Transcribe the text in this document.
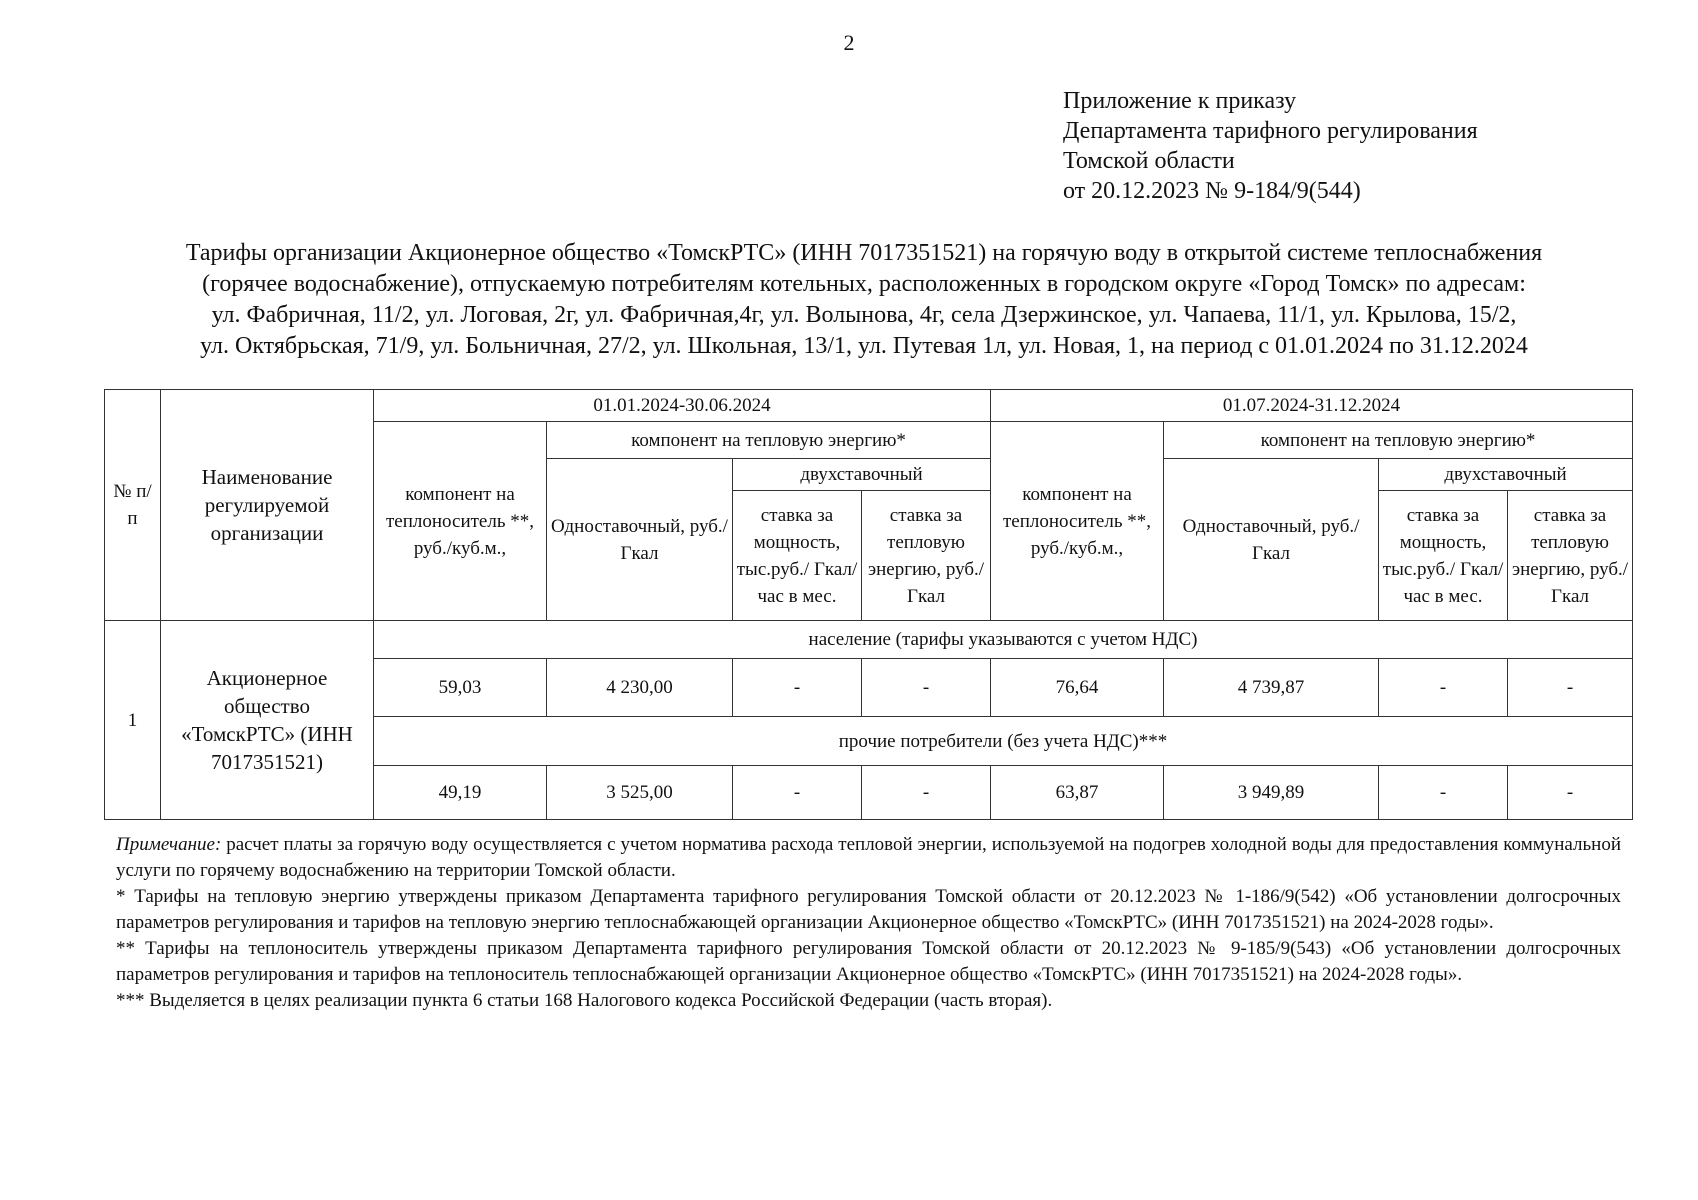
2
Приложение к приказу
Департамента тарифного регулирования
Томской области
от 20.12.2023 № 9-184/9(544)
Тарифы организации Акционерное общество «ТомскРТС» (ИНН 7017351521) на горячую воду в открытой системе теплоснабжения
(горячее водоснабжение), отпускаемую потребителям котельных, расположенных в городском округе «Город Томск» по адресам:
ул. Фабричная, 11/2, ул. Логовая, 2г, ул. Фабричная,4г, ул. Волынова, 4г, села Дзержинское, ул. Чапаева, 11/1, ул. Крылова, 15/2,
ул. Октябрьская, 71/9, ул. Больничная, 27/2, ул. Школьная, 13/1, ул. Путевая 1л, ул. Новая, 1, на период с 01.01.2024 по 31.12.2024
№ п/п	Наименование регулируемой организации	01.01.2024-30.06.2024				01.07.2024-31.12.2024			
		компонент на теплоноситель **, руб./куб.м.,	компонент на тепловую энергию*			компонент на теплоноситель **, руб./куб.м.,	компонент на тепловую энергию*		
			Одноставочный, руб./Гкал	двухставочный			Одноставочный, руб./Гкал	двухставочный	
				ставка за мощность, тыс.руб./ Гкал/час в мес.	ставка за тепловую энергию, руб./Гкал			ставка за мощность, тыс.руб./ Гкал/час в мес.	ставка за тепловую энергию, руб./Гкал
1	Акционерное общество «ТомскРТС» (ИНН 7017351521)	население (тарифы указываются с учетом НДС)							
		59,03	4 230,00	-	-	76,64	4 739,87	-	-
		прочие потребители (без учета НДС)***							
		49,19	3 525,00	-	-	63,87	3 949,89	-	-

Примечание: расчет платы за горячую воду осуществляется с учетом норматива расхода тепловой энергии, используемой на подогрев холодной воды для предоставления коммунальной услуги по горячему водоснабжению на территории Томской области.

* Тарифы на тепловую энергию утверждены приказом Департамента тарифного регулирования Томской области от 20.12.2023 № 1-186/9(542) «Об установлении долгосрочных параметров регулирования и тарифов на тепловую энергию теплоснабжающей организации Акционерное общество «ТомскРТС» (ИНН 7017351521) на 2024-2028 годы».

** Тарифы на теплоноситель утверждены приказом Департамента тарифного регулирования Томской области от 20.12.2023 № 9-185/9(543) «Об установлении долгосрочных параметров регулирования и тарифов на теплоноситель теплоснабжающей организации Акционерное общество «ТомскРТС» (ИНН 7017351521) на 2024-2028 годы».

*** Выделяется в целях реализации пункта 6 статьи 168 Налогового кодекса Российской Федерации (часть вторая).
